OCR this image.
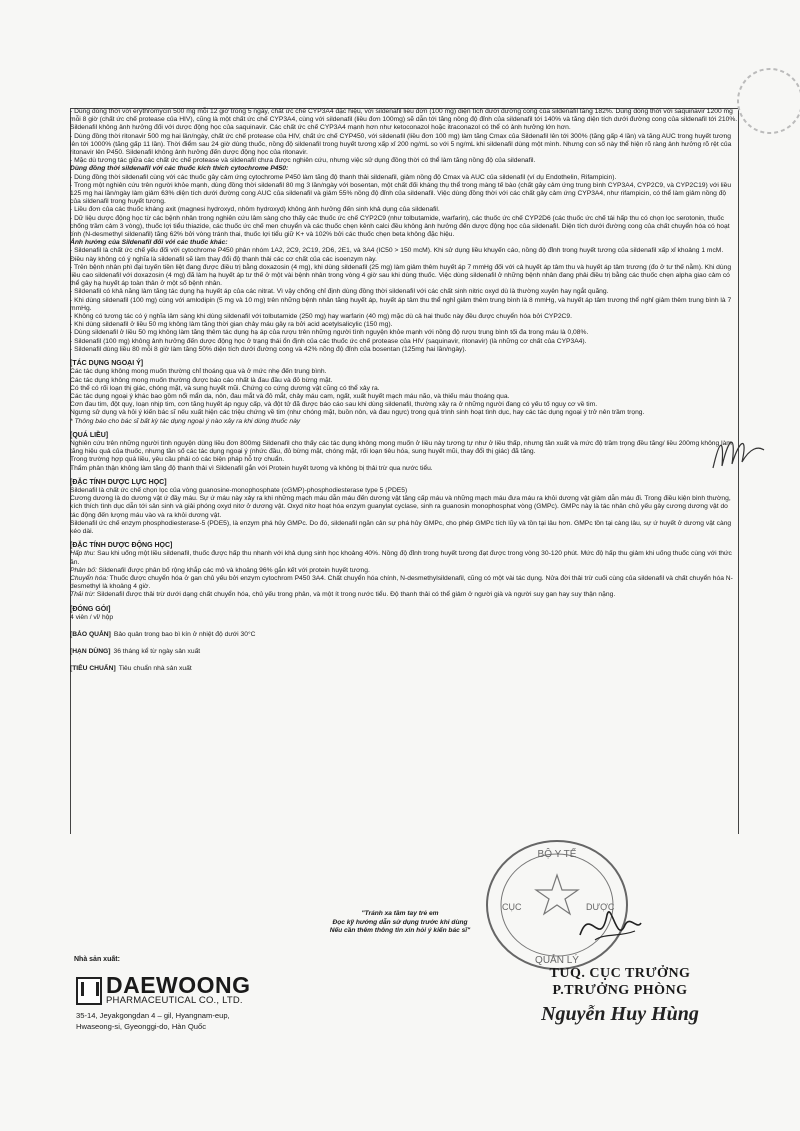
- Dùng đồng thời với erythromycin 500 mg mỗi 12 giờ trong 5 ngày, chất ức chế CYP3A4 đặc hiệu, với sildenafil liều đơn (100 mg) diện tích dưới đường cong của sildenafil tăng 182%. Dùng đồng thời với saquinavir 1200 mg mỗi 8 giờ (chất ức chế protease của HIV), cũng là một chất ức chế CYP3A4, cùng với sildenafil (liều đơn 100mg) sẽ dẫn tới tăng nồng độ đỉnh của sildenafil tới 140% và tăng diện tích dưới đường cong của sildenafil tới 210%. Sildenafil không ảnh hưởng đối với dược động học của saquinavir. Các chất ức chế CYP3A4 mạnh hơn như ketoconazol hoặc itraconazol có thể có ảnh hưởng lớn hơn.

- Dùng đồng thời ritonavir 500 mg hai lần/ngày, chất ức chế protease của HIV, chất ức chế CYP450, với sildenafil (liều đơn 100 mg) làm tăng Cmax của Sildenafil lên tới 300% (tăng gấp 4 lần) và tăng AUC trong huyết tương lên tới 1000% (tăng gấp 11 lần). Thời điểm sau 24 giờ dùng thuốc, nồng độ sildenafil trong huyết tương xấp xỉ 200 ng/mL so với 5 ng/mL khi sildenafil dùng một mình. Nhưng con số này thể hiện rõ ràng ảnh hưởng rõ rệt của ritonavir lên P450. Sildenafil không ảnh hưởng đến dược động học của ritonavir.

- Mặc dù tương tác giữa các chất ức chế protease và sildenafil chưa được nghiên cứu, nhưng việc sử dụng đồng thời có thể làm tăng nồng độ của sildenafil.

Dùng đồng thời sildenafil với các thuốc kích thích cytochrome P450:

- Dùng đồng thời sildenafil cùng với các thuốc gây cảm ứng cytochrome P450 làm tăng độ thanh thải sildenafil, giảm nồng độ Cmax và AUC của sildenafil (ví dụ Endothelin, Rifampicin).

- Trong một nghiên cứu trên người khỏe mạnh, dùng đồng thời sildenafil 80 mg 3 lần/ngày với bosentan, một chất đối kháng thụ thể trong màng tế bào (chất gây cảm ứng trung bình CYP3A4, CYP2C9, và CYP2C19) với liều 125 mg hai lần/ngày làm giảm 63% diện tích dưới đường cong AUC của sildenafil và giảm 55% nồng độ đỉnh của sildenafil. Việc dùng đồng thời với các chất gây cảm ứng CYP3A4, như rifampicin, có thể làm giảm nồng độ của sildenafil trong huyết tương.

- Liều đơn của các thuốc kháng axit (magnesi hydroxyd, nhôm hydroxyd) không ảnh hưởng đến sinh khả dụng của sildenafil.

- Dữ liệu dược động học từ các bệnh nhân trong nghiên cứu lâm sàng cho thấy các thuốc ức chế CYP2C9 (như tolbutamide, warfarin), các thuốc ức chế CYP2D6 (các thuốc ức chế tái hấp thu có chọn lọc serotonin, thuốc chống trầm cảm 3 vòng), thuốc lợi tiểu thiazide, các thuốc ức chế men chuyển và các thuốc chẹn kênh calci đều không ảnh hưởng đến dược động học của sildenafil. Diện tích dưới đường cong của chất chuyển hóa có hoạt tính (N-desmethyl sildenafil) tăng 62% bởi vòng tránh thai, thuốc lợi tiểu giữ K+ và 102% bởi các thuốc chẹn beta không đặc hiệu.

Ảnh hưởng của Sildenafil đối với các thuốc khác:

- Sildenafil là chất ức chế yếu đối với cytochrome P450 phân nhóm 1A2, 2C9, 2C19, 2D6, 2E1, và 3A4 (IC50 > 150 mcM). Khi sử dụng liều khuyến cáo, nồng độ đỉnh trong huyết tương của sildenafil xấp xỉ khoảng 1 mcM. Điều này không có ý nghĩa là sildenafil sẽ làm thay đổi độ thanh thải các cơ chất của các isoenzym này.

- Trên bệnh nhân phì đại tuyến tiền liệt đang được điều trị bằng doxazosin (4 mg), khi dùng sildenafil (25 mg) làm giảm thêm huyết áp 7 mmHg đối với cả huyết áp tâm thu và huyết áp tâm trương (đo ở tư thế nằm). Khi dùng liều cao sildenafil với doxazosin (4 mg) đã làm hạ huyết áp tư thế ở một vài bệnh nhân trong vòng 4 giờ sau khi dùng thuốc. Việc dùng sildenafil ở những bệnh nhân đang phải điều trị bằng các thuốc chẹn alpha giao cảm có thể gây hạ huyết áp toàn thân ở một số bệnh nhân.

- Sildenafil có khả năng làm tăng tác dụng hạ huyết áp của các nitrat. Vì vậy chống chỉ định dùng đồng thời sildenafil với các chất sinh nitric oxyd dù là thường xuyên hay ngắt quãng.

- Khi dùng sildenafil (100 mg) cùng với amlodipin (5 mg và 10 mg) trên những bệnh nhân tăng huyết áp, huyết áp tâm thu thể nghỉ giảm thêm trung bình là 8 mmHg, và huyết áp tâm trương thể nghỉ giảm thêm trung bình là 7 mmHg.

- Không có tương tác có ý nghĩa lâm sàng khi dùng sildenafil với tolbutamide (250 mg) hay warfarin (40 mg) mặc dù cả hai thuốc này đều được chuyển hóa bởi CYP2C9.

- Khi dùng sildenafil ở liều 50 mg không làm tăng thời gian chảy máu gây ra bởi acid acetylsalicylic (150 mg).

- Dùng sildenafil ở liều 50 mg không làm tăng thêm tác dụng hạ áp của rượu trên những người tình nguyện khỏe mạnh với nồng độ rượu trung bình tối đa trong máu là 0,08%.

- Sildenafil (100 mg) không ảnh hưởng đến dược động học ở trạng thái ổn định của các thuốc ức chế protease của HIV (saquinavir, ritonavir) (là những cơ chất của CYP3A4).

- Sildenafil dùng liều 80 mỗi 8 giờ làm tăng 50% diện tích dưới đường cong và 42% nồng độ đỉnh của bosentan (125mg hai lần/ngày).

[TÁC DỤNG NGOẠI Ý]

Các tác dụng không mong muốn thường chỉ thoáng qua và ở mức nhẹ đến trung bình.

Các tác dụng không mong muốn thường được báo cáo nhất là đau đầu và đỏ bừng mặt.

Có thể có rối loạn thị giác, chóng mặt, và sung huyết mũi. Chứng co cứng dương vật cũng có thể xảy ra.

Các tác dụng ngoại ý khác bao gồm nổi mẩn da, nôn, đau mắt và đỏ mắt, chảy máu cam, ngất, xuất huyết mạch máu não, và thiếu máu thoáng qua.

Cơn đau tim, đột quỵ, loạn nhịp tim, cơn tăng huyết áp nguy cấp, và đột tử đã được báo cáo sau khi dùng sildenafil, thường xảy ra ở những người đang có yếu tố nguy cơ về tim.

Ngưng sử dụng và hỏi ý kiến bác sĩ nếu xuất hiện các triệu chứng về tim (như chóng mặt, buồn nôn, và đau ngực) trong quá trình sinh hoạt tình dục, hay các tác dụng ngoại ý trở nên trầm trọng.

* Thông báo cho bác sĩ bất kỳ tác dụng ngoại ý nào xảy ra khi dùng thuốc này

[QUÁ LIỀU]

Nghiên cứu trên những người tình nguyện dùng liều đơn 800mg Sildenafil cho thấy các tác dụng không mong muốn ở liều này tương tự như ở liều thấp, nhưng tần xuất và mức độ trầm trọng đều tăng/ liều 200mg không làm tăng hiệu quả của thuốc, nhưng tần số các tác dụng ngoại ý (nhức đầu, đỏ bừng mặt, chóng mặt, rối loạn tiêu hóa, sung huyết mũi, thay đổi thị giác) đã tăng.

Trong trường hợp quá liều, yêu cầu phải có các biện pháp hỗ trợ chuẩn.

Thẩm phân thận không làm tăng độ thanh thải vì Sildenafil gắn với Protein huyết tương và không bị thải trừ qua nước tiểu.

[ĐẶC TÍNH DƯỢC LỰC HỌC]

Sildenafil là chất ức chế chọn lọc của vòng guanosine-monophosphate (cGMP)-phosphodiesterase type 5 (PDE5)

Cương dương là do dương vật ứ đầy máu. Sự ứ máu này xảy ra khi những mạch máu dẫn máu đến dương vật tăng cấp máu và những mạch máu đưa máu ra khỏi dương vật giảm dẫn máu đi. Trong điều kiện bình thường, kích thích tình dục dẫn tới sản sinh và giải phóng oxyd nitơ ở dương vật. Oxyd nitơ hoạt hóa enzym guanylat cyclase, sinh ra guanosin monophosphat vòng (GMPc). GMPc này là tác nhân chủ yếu gây cương dương vật do tác động đến lượng máu vào và ra khỏi dương vật.

Sildenafil ức chế enzym phosphodiesterase-5 (PDE5), là enzym phá hủy GMPc. Do đó, sildenafil ngăn cản sự phá hủy GMPc, cho phép GMPc tích lũy và tồn tại lâu hơn. GMPc tồn tại càng lâu, sự ứ huyết ở dương vật càng kéo dài.

[ĐẶC TÍNH DƯỢC ĐỘNG HỌC]

Hấp thu: Sau khi uống một liều sildenafil, thuốc được hấp thu nhanh với khả dụng sinh học khoảng 40%. Nồng độ đỉnh trong huyết tương đạt được trong vòng 30-120 phút. Mức độ hấp thu giảm khi uống thuốc cùng với thức ăn.

Phân bố: Sildenafil được phân bố rộng khắp các mô và khoảng 96% gắn kết với protein huyết tương.

Chuyển hóa: Thuốc được chuyển hóa ở gan chủ yếu bởi enzym cytochrom P450 3A4. Chất chuyển hóa chính, N-desmethylsildenafil, cũng có một vài tác dụng. Nửa đời thải trừ cuối cùng của sildenafil và chất chuyển hóa N-desmethyl là khoảng 4 giờ.

Thải trừ: Sildenafil được thải trừ dưới dạng chất chuyển hóa, chủ yếu trong phân, và một ít trong nước tiểu. Độ thanh thải có thể giảm ở người già và người suy gan hay suy thận nặng.

[ĐÓNG GÓI]

4 viên / vỉ/ hộp

[BẢO QUẢN] Bảo quản trong bao bì kín ở nhiệt độ dưới 30°C
[HẠN DÙNG] 36 tháng kể từ ngày sản xuất
[TIÊU CHUẨN] Tiêu chuẩn nhà sản xuất
"Tránh xa tầm tay trẻ em
Đọc kỹ hướng dẫn sử dụng trước khi dùng
Nếu cần thêm thông tin xin hỏi ý kiến bác sĩ"
Nhà sản xuất:
DAEWOONG
PHARMACEUTICAL CO., LTD.
35-14, Jeyakgongdan 4 – gil, Hyangnam-eup,
Hwaseong-si, Gyeonggi-do, Hàn Quốc
BỘ Y TẾ
CỤC	DƯỢC
QUẢN LÝ
TUQ. CỤC TRƯỞNG
P.TRƯỞNG PHÒNG
Nguyễn Huy Hùng
